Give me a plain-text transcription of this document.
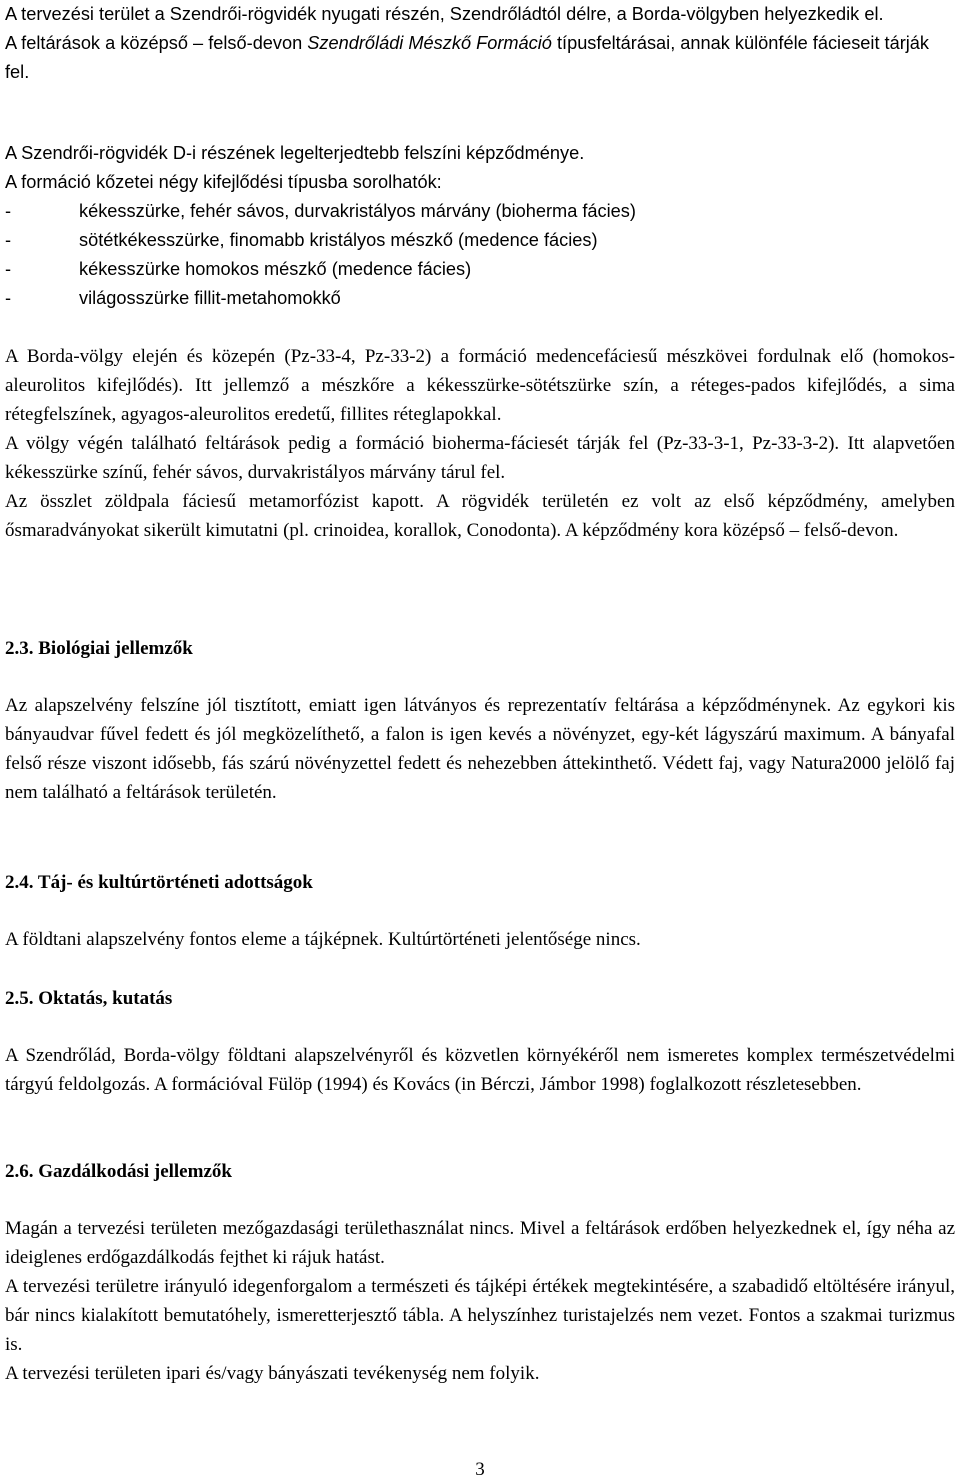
A tervezési terület a Szendrői-rögvidék nyugati részén, Szendrőládtól délre, a Borda-völgyben helyezkedik el.

A feltárások a középső – felső-devon Szendrőládi Mészkő Formáció típusfeltárásai, annak különféle fácieseit tárják fel.

A Szendrői-rögvidék D-i részének legelterjedtebb felszíni képződménye.

A formáció kőzetei négy kifejlődési típusba sorolhatók:

-	kékesszürke, fehér sávos, durvakristályos márvány (bioherma fácies)
-	sötétkékesszürke, finomabb kristályos mészkő (medence fácies)
-	kékesszürke homokos mészkő (medence fácies)
-	világosszürke fillit-metahomokkő

A Borda-völgy elején és közepén (Pz-33-4, Pz-33-2) a formáció medencefáciesű mészkövei fordulnak elő (homokos-aleurolitos kifejlődés). Itt jellemző a mészkőre a kékesszürke-sötétszürke szín, a réteges-pados kifejlődés, a sima rétegfelszínek, agyagos-aleurolitos eredetű, fillites réteglapokkal.

A völgy végén található feltárások pedig a formáció bioherma-fáciesét tárják fel (Pz-33-3-1, Pz-33-3-2). Itt alapvetően kékesszürke színű, fehér sávos, durvakristályos márvány tárul fel.

Az összlet zöldpala fáciesű metamorfózist kapott. A rögvidék területén ez volt az első képződmény, amelyben ősmaradványokat sikerült kimutatni (pl. crinoidea, korallok, Conodonta). A képződmény kora középső – felső-devon.

2.3. Biológiai jellemzők

Az alapszelvény felszíne jól tisztított, emiatt igen látványos és reprezentatív feltárása a képződménynek. Az egykori kis bányaudvar fűvel fedett és jól megközelíthető, a falon is igen kevés a növényzet, egy-két lágyszárú maximum. A bányafal felső része viszont idősebb, fás szárú növényzettel fedett és nehezebben áttekinthető. Védett faj, vagy Natura2000 jelölő faj nem található a feltárások területén.

2.4. Táj- és kultúrtörténeti adottságok

A földtani alapszelvény fontos eleme a tájképnek. Kultúrtörténeti jelentősége nincs.

2.5. Oktatás, kutatás

A Szendrőlád, Borda-völgy földtani alapszelvényről és közvetlen környékéről nem ismeretes komplex természetvédelmi tárgyú feldolgozás. A formációval Fülöp (1994) és Kovács (in Bérczi, Jámbor 1998) foglalkozott részletesebben.

2.6. Gazdálkodási jellemzők

Magán a tervezési területen mezőgazdasági területhasználat nincs. Mivel a feltárások erdőben helyezkednek el, így néha az ideiglenes erdőgazdálkodás fejthet ki rájuk hatást.

A tervezési területre irányuló idegenforgalom a természeti és tájképi értékek megtekintésére, a szabadidő eltöltésére irányul, bár nincs kialakított bemutatóhely, ismeretterjesztő tábla. A helyszínhez turistajelzés nem vezet. Fontos a szakmai turizmus is.

A tervezési területen ipari és/vagy bányászati tevékenység nem folyik.

3
